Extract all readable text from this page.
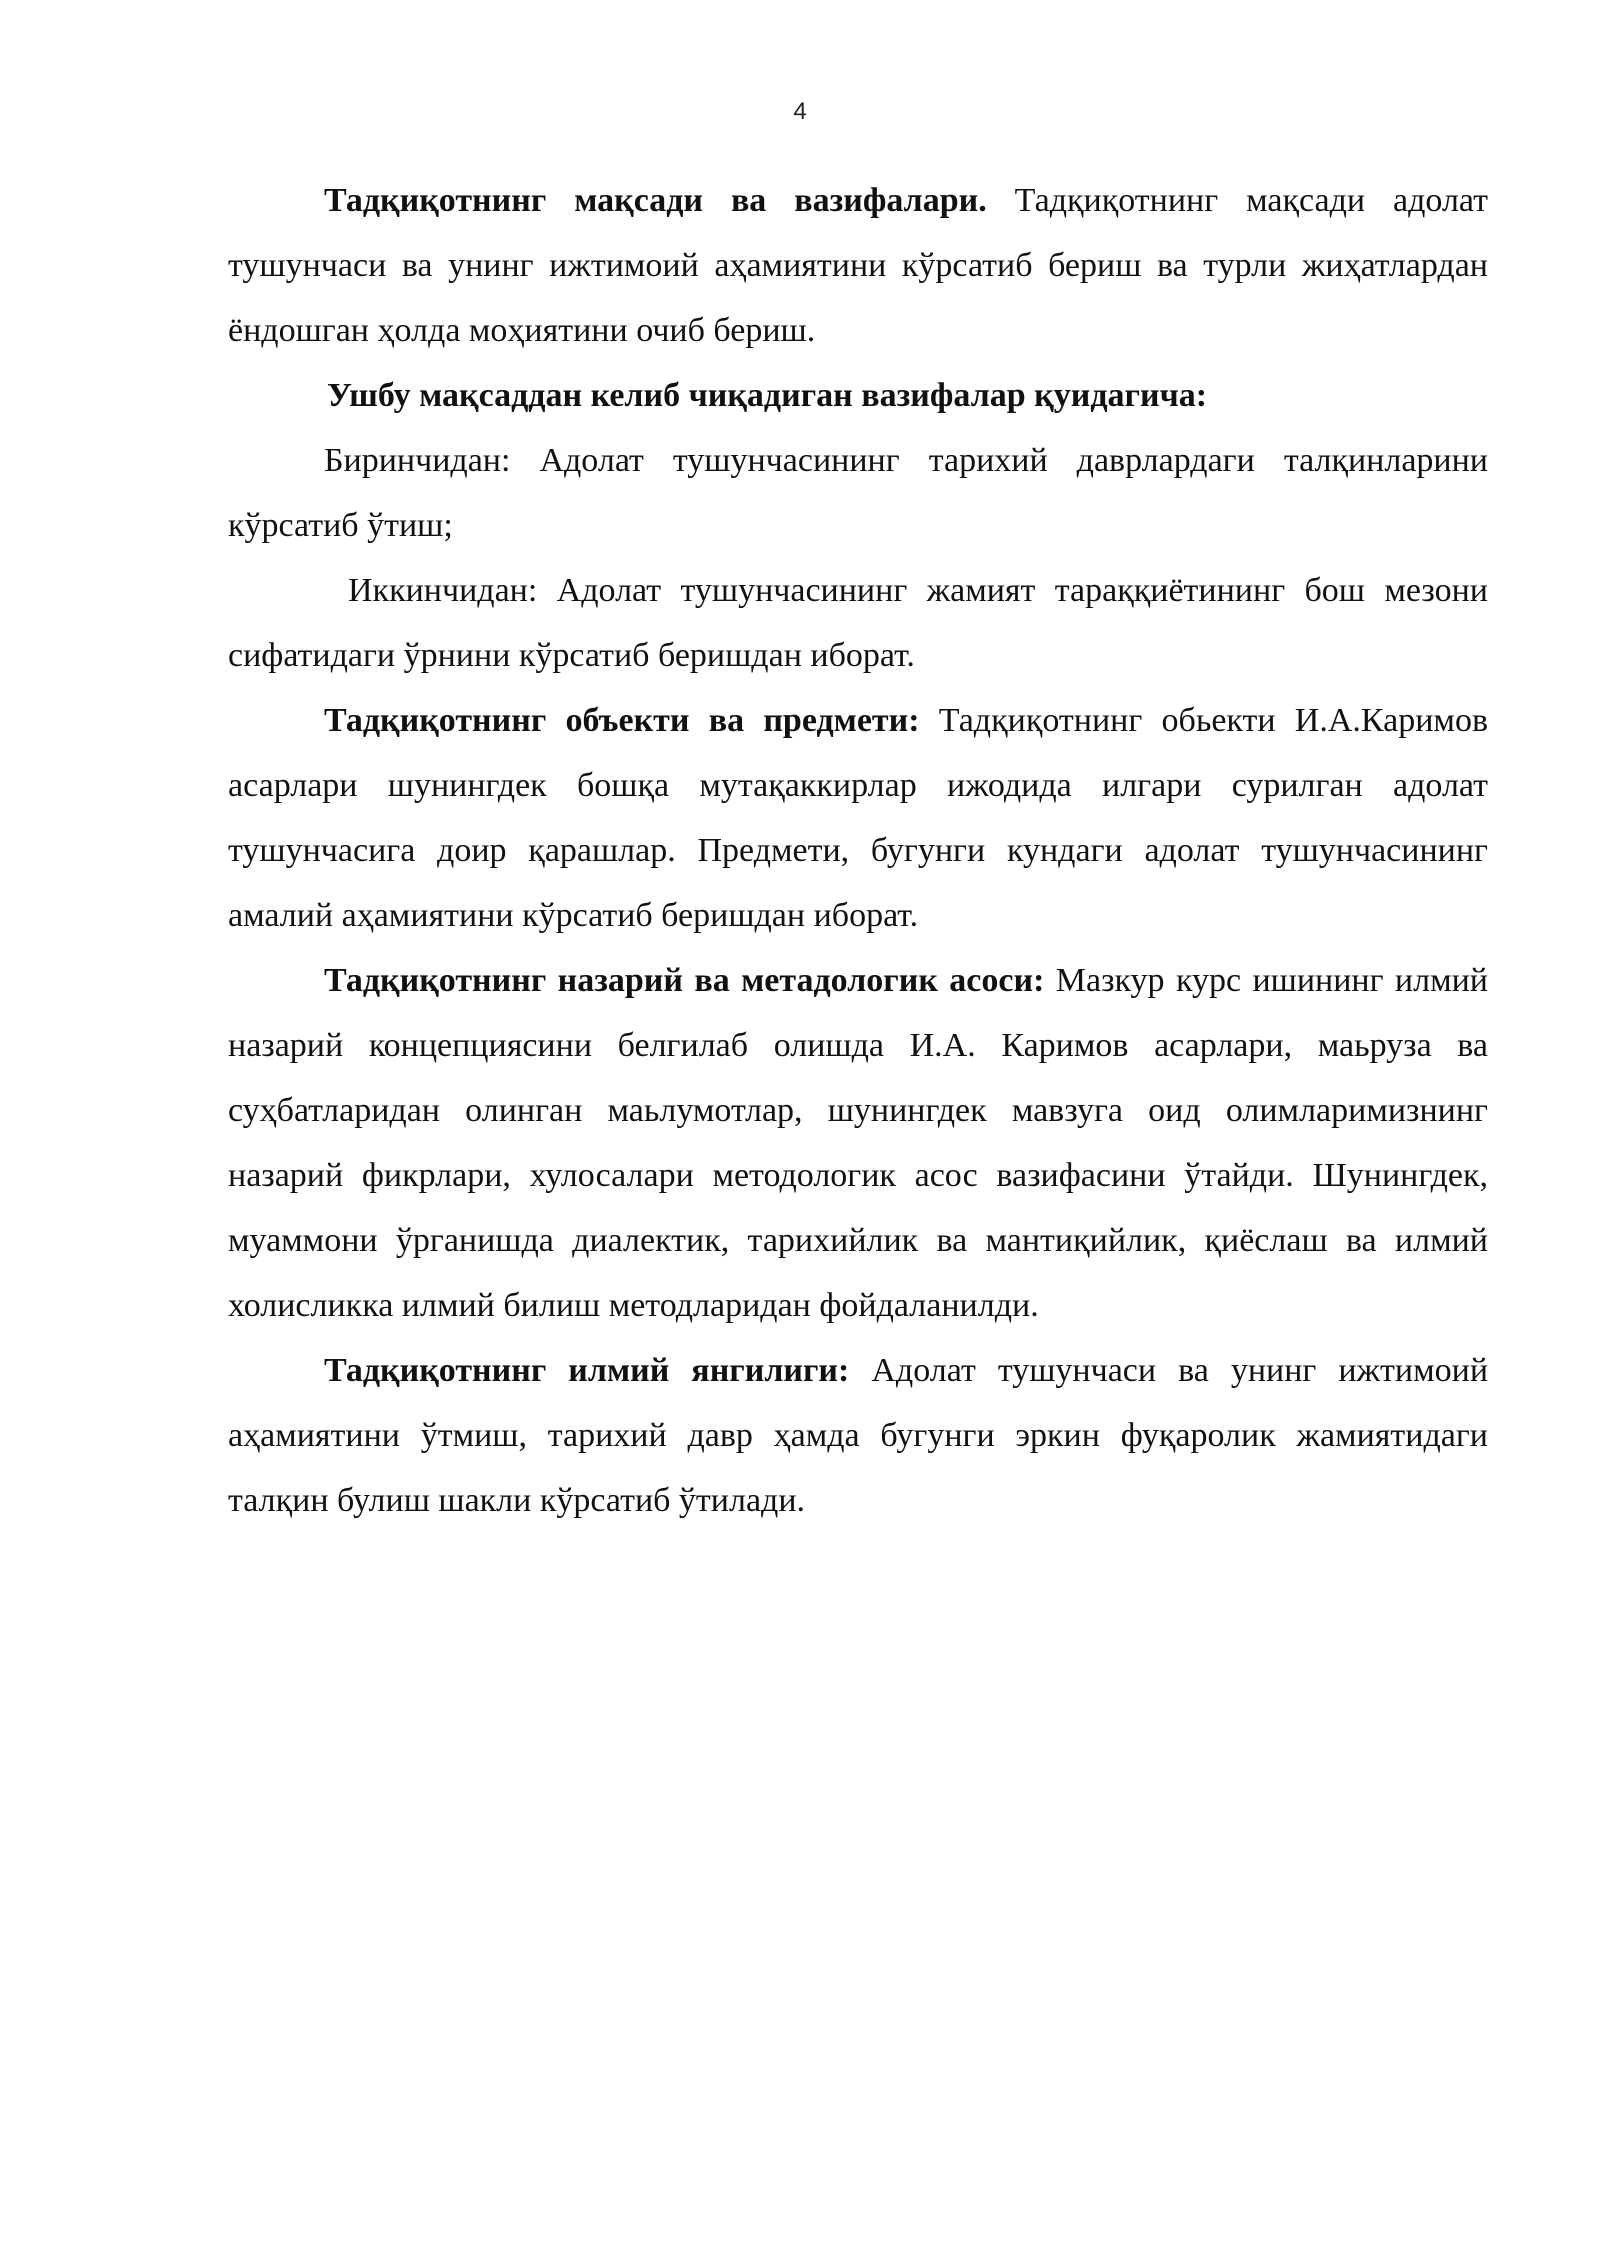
4

Тадқиқотнинг мақсади ва вазифалари. Тадқиқотнинг мақсади адолат тушунчаси ва унинг ижтимоий аҳамиятини кўрсатиб бериш ва турли жиҳатлардан ёндошган ҳолда моҳиятини очиб бериш.

Ушбу мақсаддан келиб чиқадиган вазифалар қуидагича:

Биринчидан: Адолат тушунчасининг тарихий даврлардаги талқинларини кўрсатиб ўтиш;

Иккинчидан: Адолат тушунчасининг жамият тараққиётининг бош мезони сифатидаги ўрнини кўрсатиб беришдан иборат.

Тадқиқотнинг объекти ва предмети: Тадқиқотнинг обьекти И.А.Каримов асарлари шунингдек бошқа мутақаккирлар ижодида илгари сурилган адолат тушунчасига доир қарашлар. Предмети, бугунги кундаги адолат тушунчасининг амалий аҳамиятини кўрсатиб беришдан иборат.

Тадқиқотнинг назарий ва метадологик асоси: Мазкур курс ишининг илмий назарий концепциясини белгилаб олишда И.А. Каримов асарлари, маьруза ва суҳбатларидан олинган маьлумотлар, шунингдек мавзуга оид олимларимизнинг назарий фикрлари, хулосалари методологик асос вазифасини ўтайди. Шунингдек, муаммони ўрганишда диалектик, тарихийлик ва мантиқийлик, қиёслаш ва илмий холисликка илмий билиш методларидан фойдаланилди.

Тадқиқотнинг илмий янгилиги: Адолат тушунчаси ва унинг ижтимоий аҳамиятини ўтмиш, тарихий давр ҳамда бугунги эркин фуқаролик жамиятидаги талқин булиш шакли кўрсатиб ўтилади.
